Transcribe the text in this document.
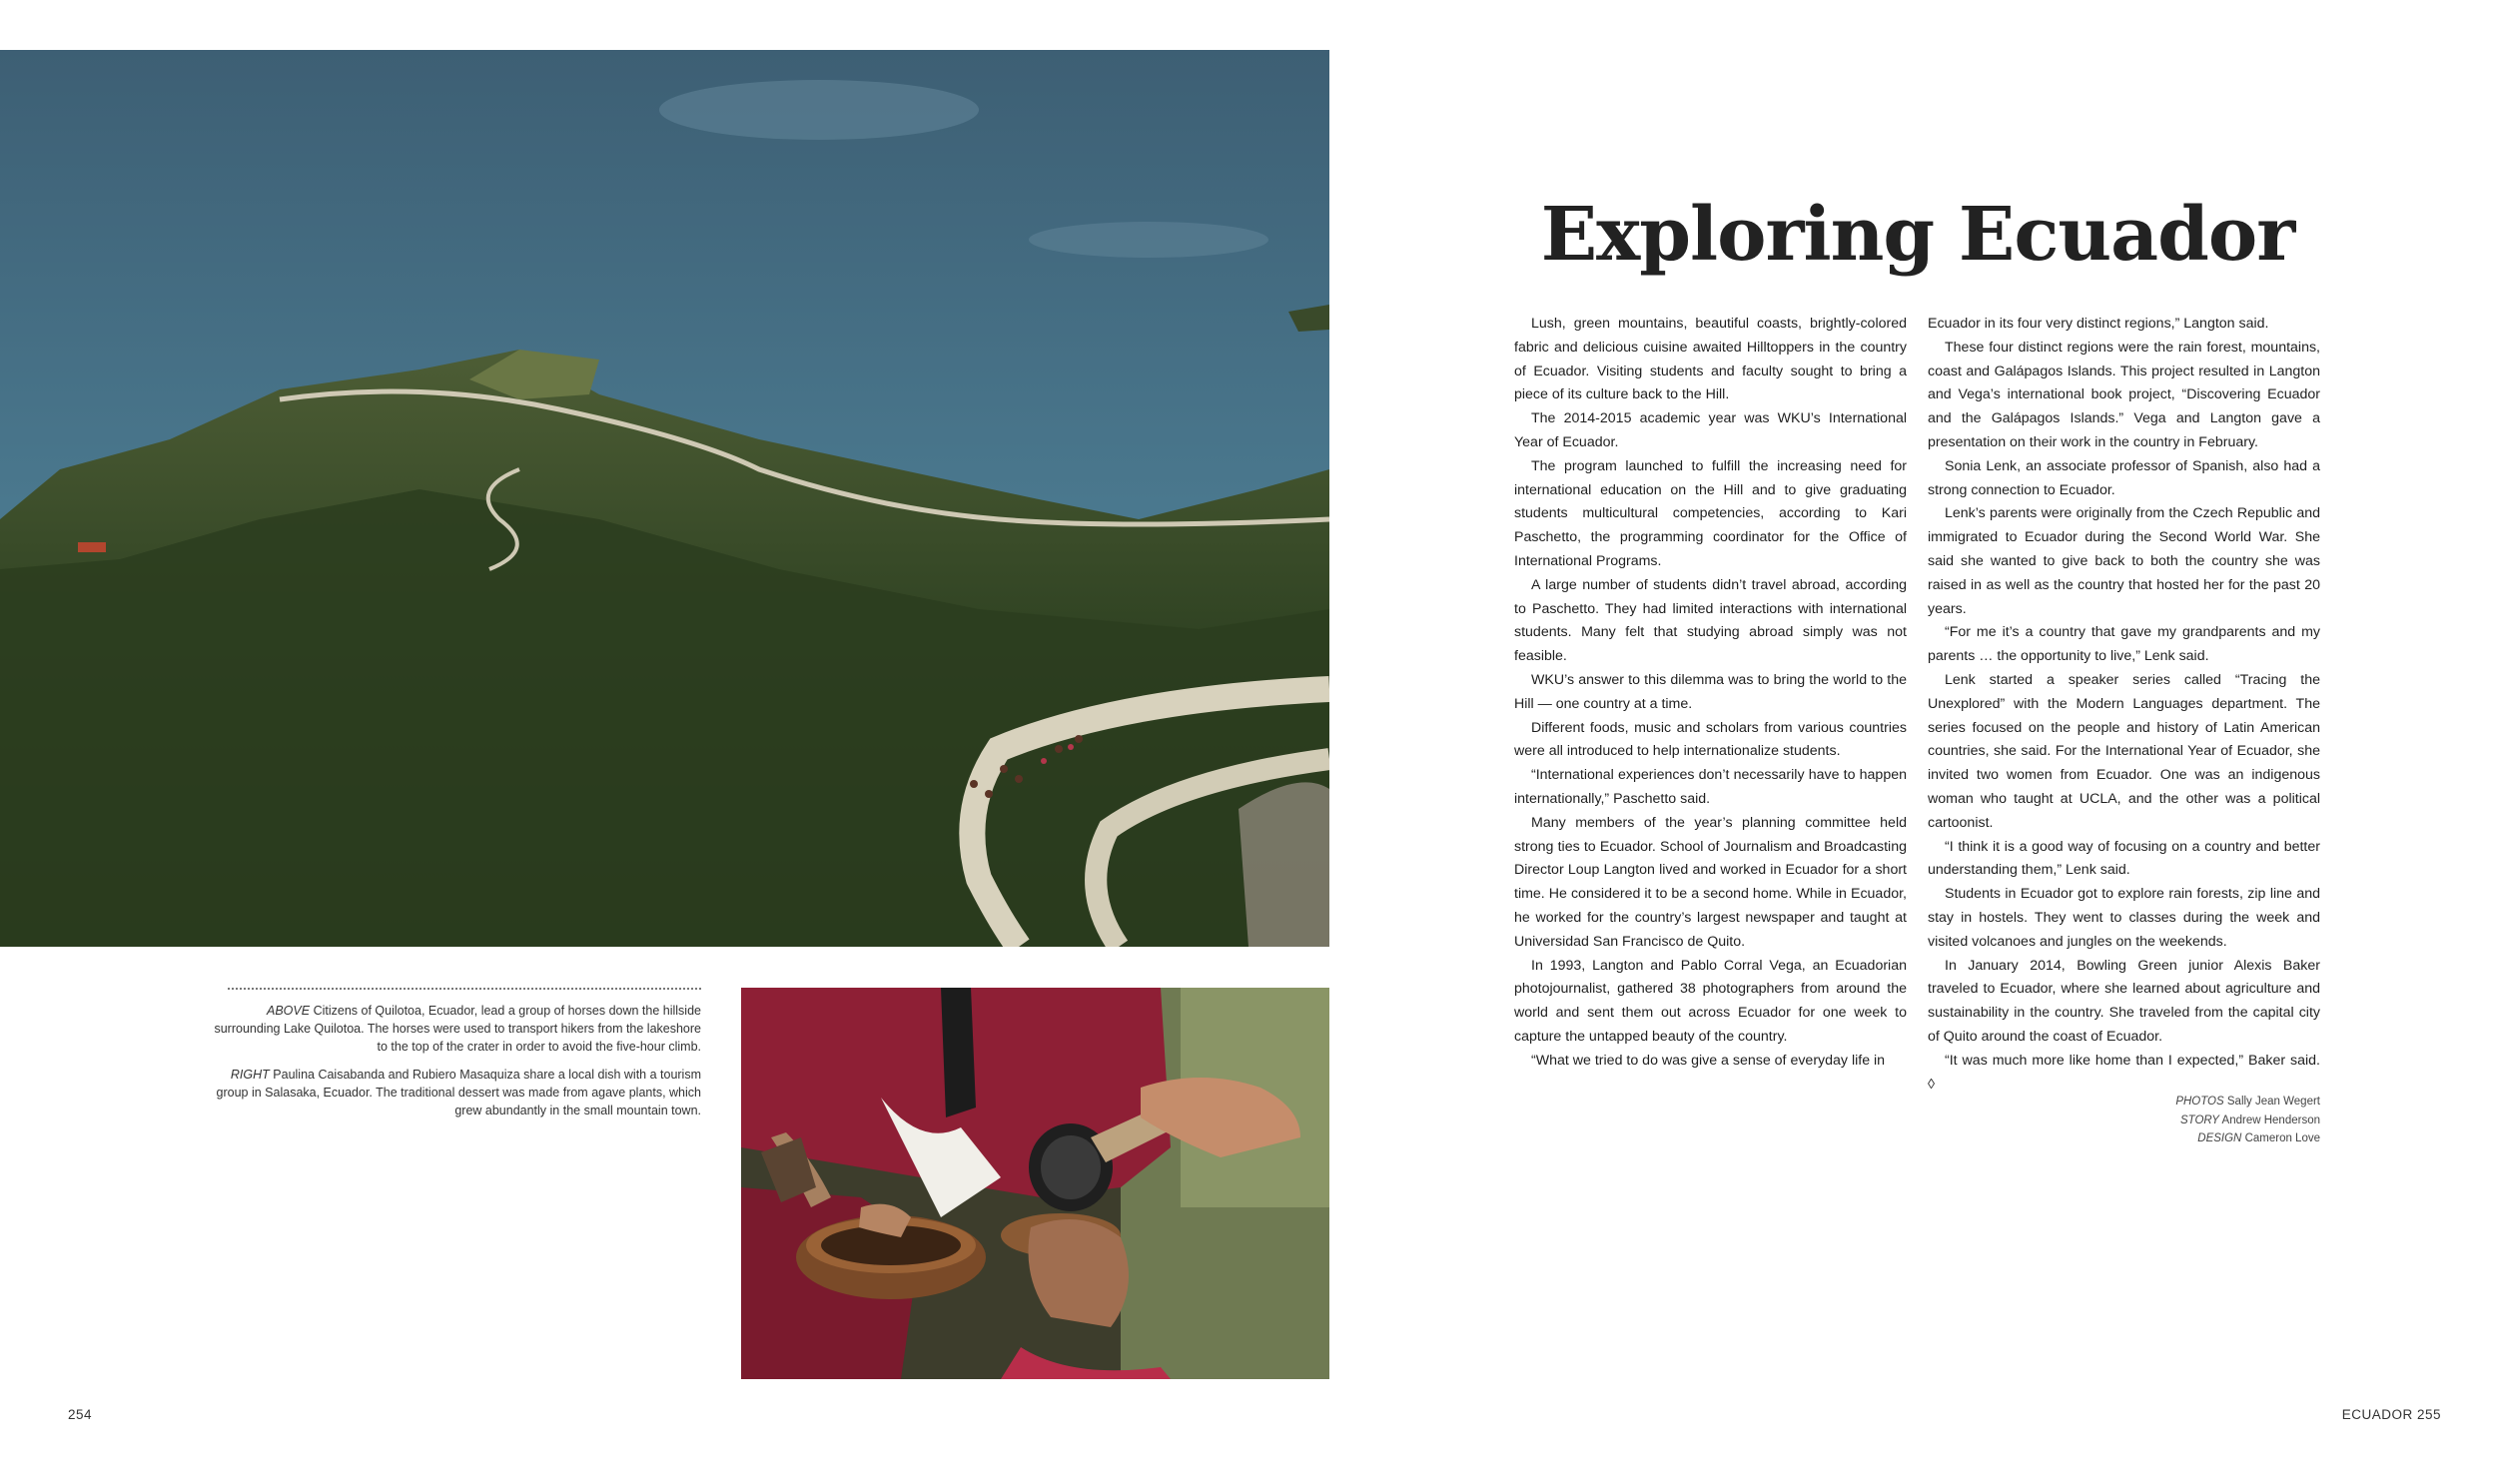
ABOVE Citizens of Quilotoa, Ecuador, lead a group of horses down the hillside surrounding Lake Quilotoa. The horses were used to transport hikers from the lakeshore to the top of the crater in order to avoid the five-hour climb.

RIGHT Paulina Caisabanda and Rubiero Masaquiza share a local dish with a tourism group in Salasaka, Ecuador. The traditional dessert was made from agave plants, which grew abundantly in the small mountain town.

Exploring Ecuador

Lush, green mountains, beautiful coasts, brightly-colored fabric and delicious cuisine awaited Hilltoppers in the country of Ecuador. Visiting students and faculty sought to bring a piece of its culture back to the Hill.

The 2014-2015 academic year was WKU’s International Year of Ecuador.

The program launched to fulfill the increasing need for international education on the Hill and to give graduating students multicultural competencies, according to Kari Paschetto, the programming coordinator for the Office of International Programs.

A large number of students didn’t travel abroad, according to Paschetto. They had limited interactions with international students. Many felt that studying abroad simply was not feasible.

WKU’s answer to this dilemma was to bring the world to the Hill — one country at a time.

Different foods, music and scholars from various countries were all introduced to help internationalize students.

“International experiences don’t necessarily have to happen internationally,” Paschetto said.

Many members of the year’s planning committee held strong ties to Ecuador. School of Journalism and Broadcasting Director Loup Langton lived and worked in Ecuador for a short time. He considered it to be a second home. While in Ecuador, he worked for the country’s largest newspaper and taught at Universidad San Francisco de Quito.

In 1993, Langton and Pablo Corral Vega, an Ecuadorian photojournalist, gathered 38 photographers from around the world and sent them out across Ecuador for one week to capture the untapped beauty of the country.

“What we tried to do was give a sense of everyday life in

Ecuador in its four very distinct regions,” Langton said.

These four distinct regions were the rain forest, mountains, coast and Galápagos Islands. This project resulted in Langton and Vega’s international book project, “Discovering Ecuador and the Galápagos Islands.” Vega and Langton gave a presentation on their work in the country in February.

Sonia Lenk, an associate professor of Spanish, also had a strong connection to Ecuador.

Lenk’s parents were originally from the Czech Republic and immigrated to Ecuador during the Second World War. She said she wanted to give back to both the country she was raised in as well as the country that hosted her for the past 20 years.

“For me it’s a country that gave my grandparents and my parents … the opportunity to live,” Lenk said.

Lenk started a speaker series called “Tracing the Unexplored” with the Modern Languages department. The series focused on the people and history of Latin American countries, she said. For the International Year of Ecuador, she invited two women from Ecuador. One was an indigenous woman who taught at UCLA, and the other was a political cartoonist.

“I think it is a good way of focusing on a country and better understanding them,” Lenk said.

Students in Ecuador got to explore rain forests, zip line and stay in hostels. They went to classes during the week and visited volcanoes and jungles on the weekends.

In January 2014, Bowling Green junior Alexis Baker traveled to Ecuador, where she learned about agriculture and sustainability in the country. She traveled from the capital city of Quito around the coast of Ecuador.

“It was much more like home than I expected,” Baker said. ◊

PHOTOS Sally Jean Wegert
STORY Andrew Henderson
DESIGN Cameron Love
254	ECUADOR 255
